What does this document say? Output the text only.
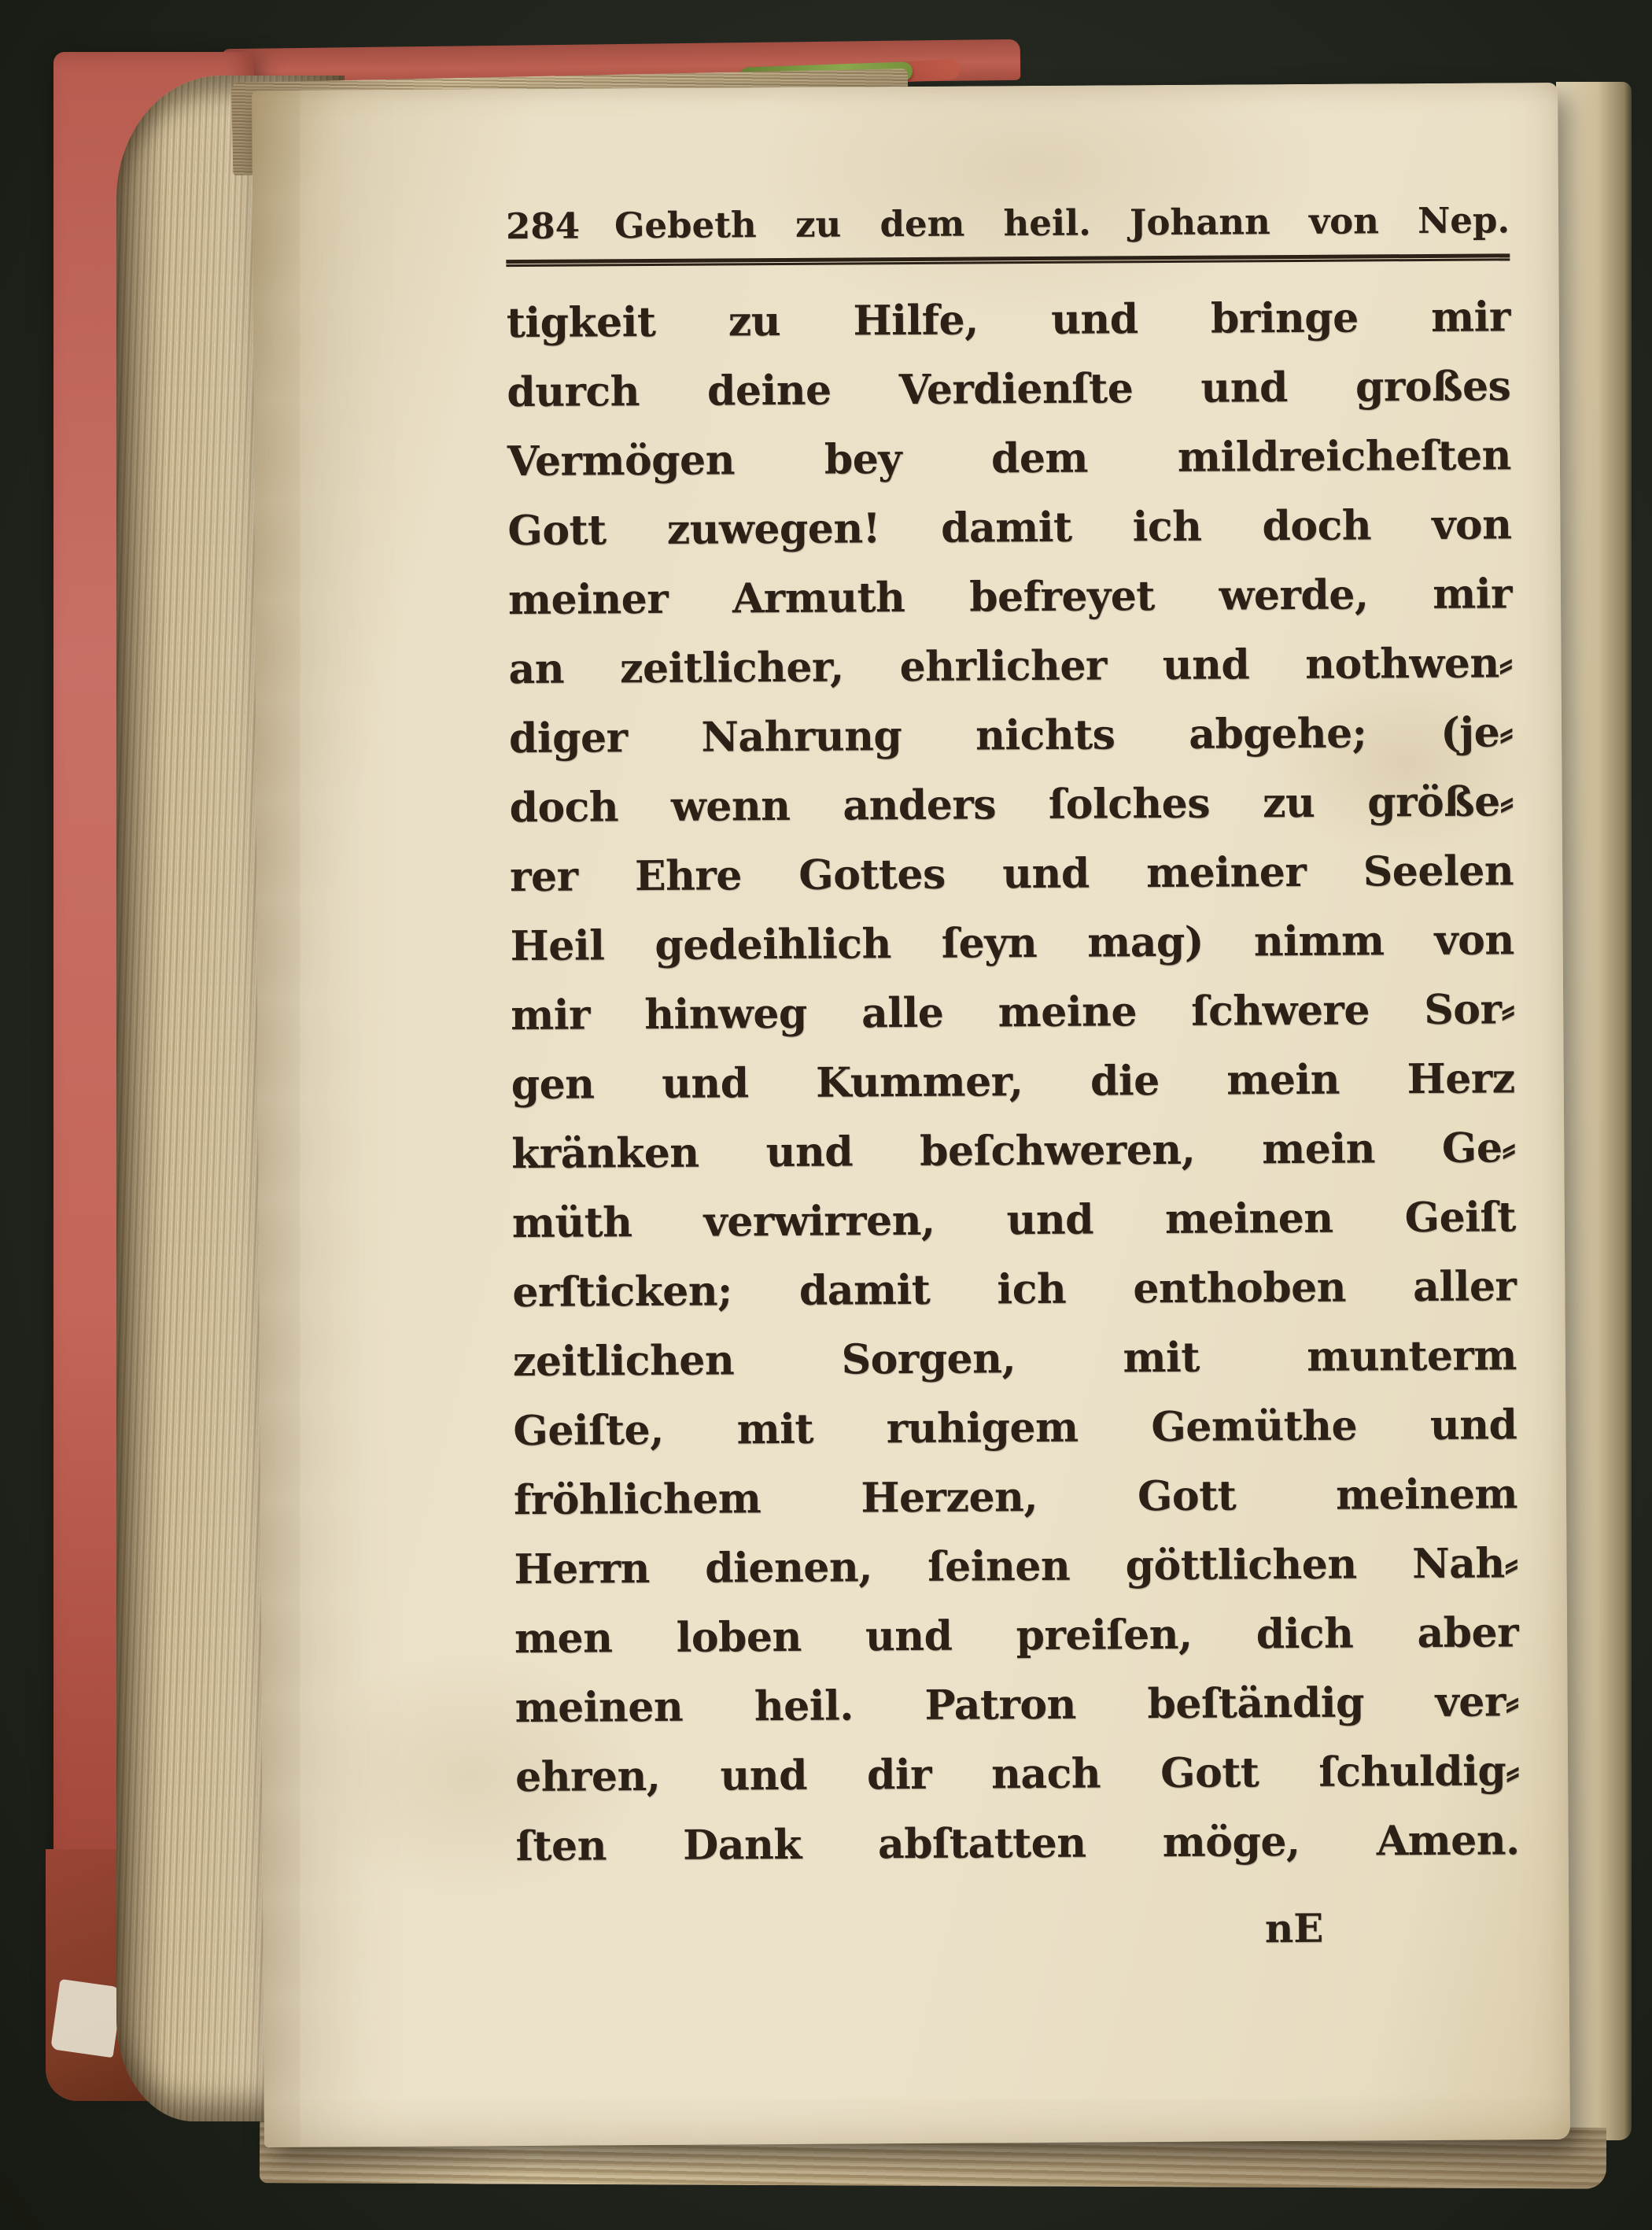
284 Gebeth zu dem heil. Johann von Nep.
tigkeit zu Hilfe, und bringe mir
durch deine Verdienſte und großes
Vermögen bey dem mildreicheſten
Gott zuwegen! damit ich doch von
meiner Armuth befreyet werde, mir
an zeitlicher, ehrlicher und nothwen⸗
diger Nahrung nichts abgehe; (je⸗
doch wenn anders ſolches zu größe⸗
rer Ehre Gottes und meiner Seelen
Heil gedeihlich ſeyn mag) nimm von
mir hinweg alle meine ſchwere Sor⸗
gen und Kummer, die mein Herz
kränken und beſchweren, mein Ge⸗
müth verwirren, und meinen Geiſt
erſticken; damit ich enthoben aller
zeitlichen Sorgen, mit munterm
Geiſte, mit ruhigem Gemüthe und
fröhlichem Herzen, Gott meinem
Herrn dienen, ſeinen göttlichen Nah⸗
men loben und preiſen, dich aber
meinen heil. Patron beſtändig ver⸗
ehren, und dir nach Gott ſchuldig⸗
ſten Dank abſtatten möge, Amen.
nE
